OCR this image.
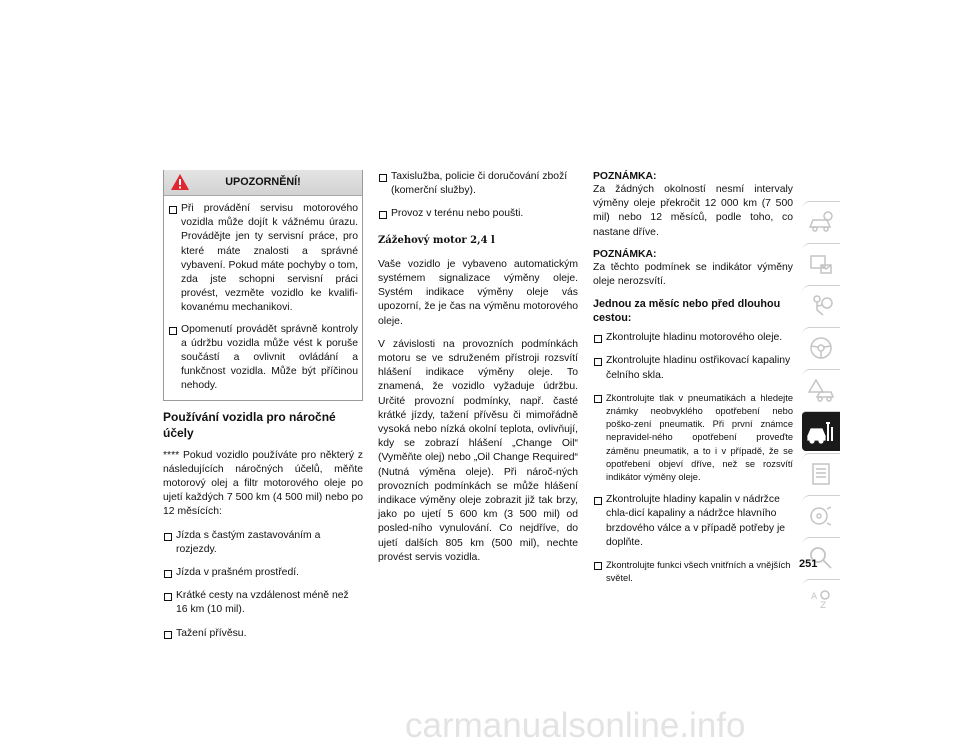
UPOZORNĚNÍ!
Při provádění servisu motorového vozidla může dojít k vážnému úrazu. Provádějte jen ty servisní práce, pro které máte znalosti a správné vybavení. Pokud máte pochyby o tom, zda jste schopni servisní práci provést, vezměte vozidlo ke kvalifi-kovanému mechanikovi.
Opomenutí provádět správně kontroly a údržbu vozidla může vést k poruše součástí a ovlivnit ovládání a funkčnost vozidla. Může být příčinou nehody.
Používání vozidla pro náročné účely
**** Pokud vozidlo používáte pro některý z následujících náročných účelů, měňte motorový olej a filtr motorového oleje po ujetí každých 7 500 km (4 500 mil) nebo po 12 měsících:
Jízda s častým zastavováním a rozjezdy.
Jízda v prašném prostředí.
Krátké cesty na vzdálenost méně než 16 km (10 mil).
Tažení přívěsu.
Taxislužba, policie či doručování zboží (komerční služby).
Provoz v terénu nebo poušti.
Zážehový motor 2,4 l
Vaše vozidlo je vybaveno automatickým systémem signalizace výměny oleje. Systém indikace výměny oleje vás upozorní, že je čas na výměnu motorového oleje.
V závislosti na provozních podmínkách motoru se ve sdruženém přístroji rozsvítí hlášení indikace výměny oleje. To znamená, že vozidlo vyžaduje údržbu. Určité provozní podmínky, např. časté krátké jízdy, tažení přívěsu či mimořádně vysoká nebo nízká okolní teplota, ovlivňují, kdy se zobrazí hlášení „Change Oil“ (Vyměňte olej) nebo „Oil Change Required“ (Nutná výměna oleje). Při nároč-ných provozních podmínkách se může hlášení indikace výměny oleje zobrazit již tak brzy, jako po ujetí 5 600 km (3 500 mil) od posled-ního vynulování. Co nejdříve, do ujetí dalších 805 km (500 mil), nechte provést servis vozidla.
POZNÁMKA:
Za žádných okolností nesmí intervaly výměny oleje překročit 12 000 km (7 500 mil) nebo 12 měsíců, podle toho, co nastane dříve.
POZNÁMKA:
Za těchto podmínek se indikátor výměny oleje nerozsvítí.
Jednou za měsíc nebo před dlouhou cestou:
Zkontrolujte hladinu motorového oleje.
Zkontrolujte hladinu ostřikovací kapaliny čelního skla.
Zkontrolujte tlak v pneumatikách a hledejte známky neobvyklého opotřebení nebo poško-zení pneumatik. Při první známce nepravidel-ného opotřebení proveďte záměnu pneumatik, a to i v případě, že se opotřebení objeví dříve, než se rozsvítí indikátor výměny oleje.
Zkontrolujte hladiny kapalin v nádržce chla-dicí kapaliny a nádržce hlavního brzdového válce a v případě potřeby je doplňte.
Zkontrolujte funkci všech vnitřních a vnějších světel.
A
Z
251
carmanualsonline.info
